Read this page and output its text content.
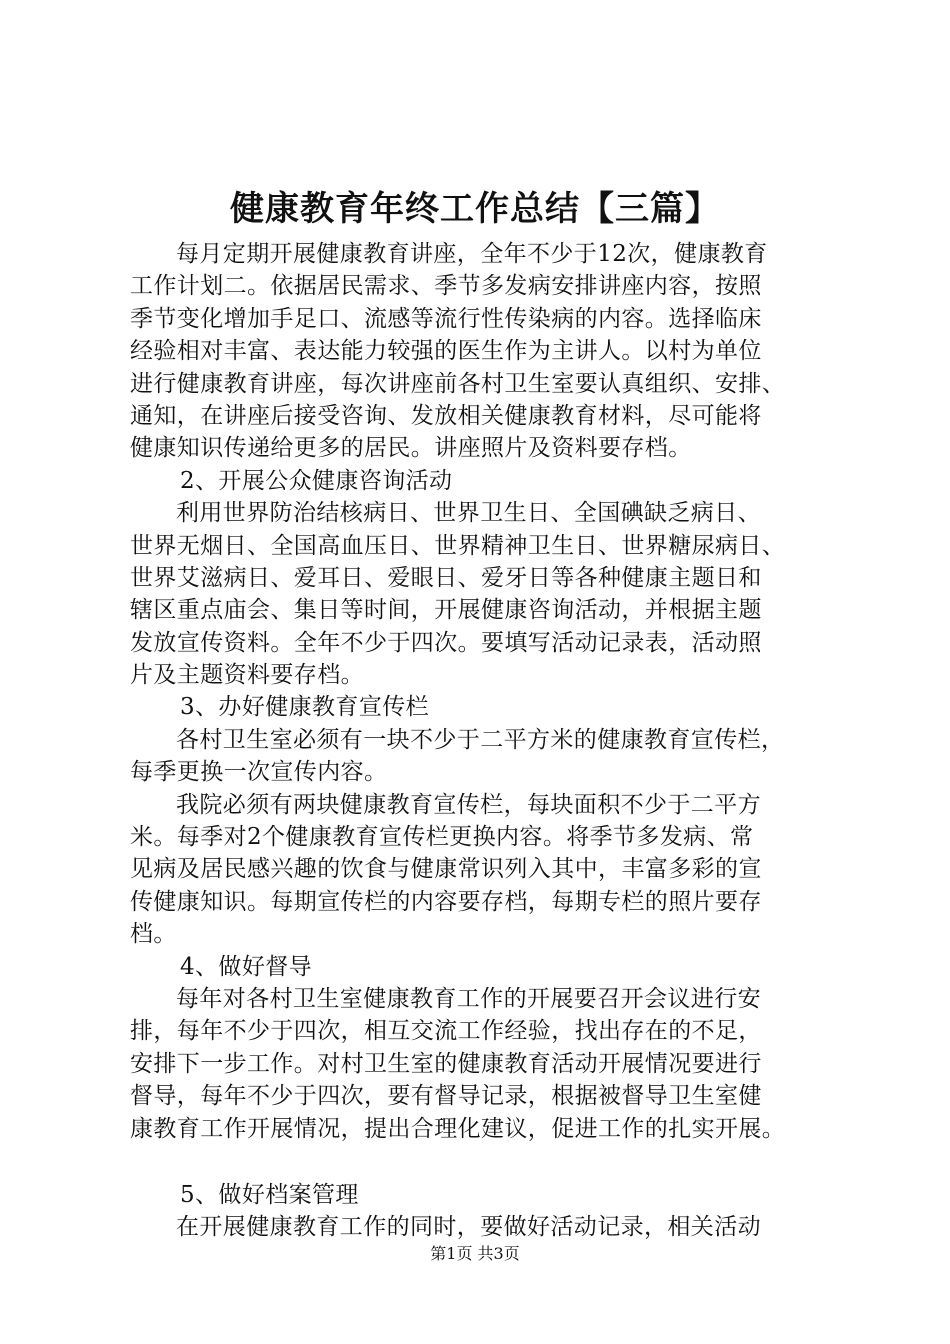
健康教育年终工作总结【三篇】
每月定期开展健康教育讲座，全年不少于12次，健康教育
工作计划二。依据居民需求、季节多发病安排讲座内容，按照
季节变化增加手足口、流感等流行性传染病的内容。选择临床
经验相对丰富、表达能力较强的医生作为主讲人。以村为单位
进行健康教育讲座，每次讲座前各村卫生室要认真组织、安排、
通知，在讲座后接受咨询、发放相关健康教育材料，尽可能将
健康知识传递给更多的居民。讲座照片及资料要存档。
2、开展公众健康咨询活动
利用世界防治结核病日、世界卫生日、全国碘缺乏病日、
世界无烟日、全国高血压日、世界精神卫生日、世界糖尿病日、
世界艾滋病日、爱耳日、爱眼日、爱牙日等各种健康主题日和
辖区重点庙会、集日等时间，开展健康咨询活动，并根据主题
发放宣传资料。全年不少于四次。要填写活动记录表，活动照
片及主题资料要存档。
3、办好健康教育宣传栏
各村卫生室必须有一块不少于二平方米的健康教育宣传栏，
每季更换一次宣传内容。
我院必须有两块健康教育宣传栏，每块面积不少于二平方
米。每季对2个健康教育宣传栏更换内容。将季节多发病、常
见病及居民感兴趣的饮食与健康常识列入其中，丰富多彩的宣
传健康知识。每期宣传栏的内容要存档，每期专栏的照片要存
档。
4、做好督导
每年对各村卫生室健康教育工作的开展要召开会议进行安
排，每年不少于四次，相互交流工作经验，找出存在的不足，
安排下一步工作。对村卫生室的健康教育活动开展情况要进行
督导，每年不少于四次，要有督导记录，根据被督导卫生室健
康教育工作开展情况，提出合理化建议，促进工作的扎实开展。
5、做好档案管理
在开展健康教育工作的同时，要做好活动记录，相关活动
第1页 共3页
